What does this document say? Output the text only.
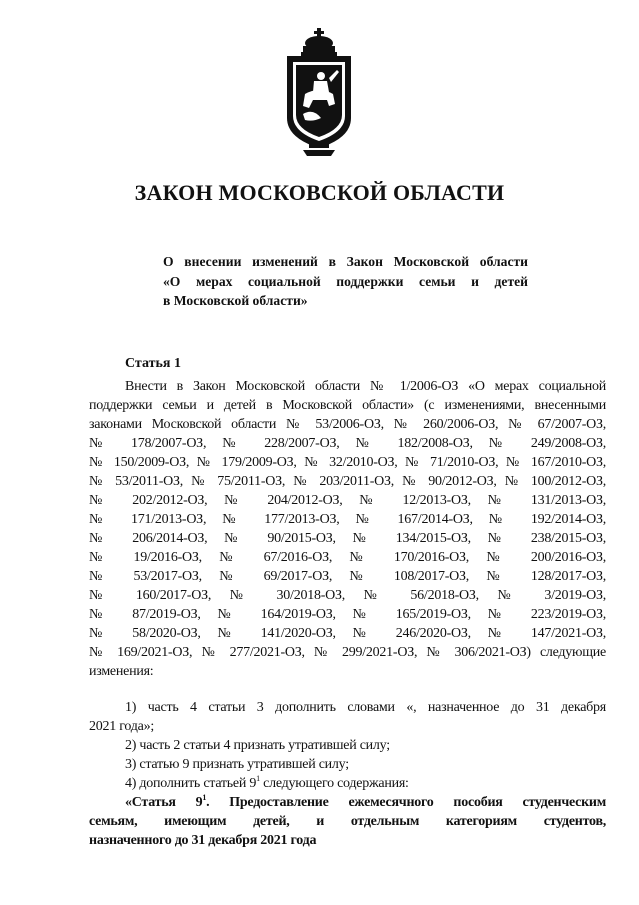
ЗАКОН МОСКОВСКОЙ ОБЛАСТИ
О внесении изменений в Закон Московской области
«О мерах социальной поддержки семьи и детей
в Московской области»
Статья 1
Внести в Закон Московской области № 1/2006-ОЗ «О мерах социальной
поддержки семьи и детей в Московской области» (с изменениями, внесенными
законами Московской области № 53/2006-ОЗ, № 260/2006-ОЗ, № 67/2007-ОЗ,
№ 178/2007-ОЗ, № 228/2007-ОЗ, № 182/2008-ОЗ, № 249/2008-ОЗ,
№ 150/2009-ОЗ, № 179/2009-ОЗ, № 32/2010-ОЗ, № 71/2010-ОЗ, № 167/2010-ОЗ,
№ 53/2011-ОЗ, № 75/2011-ОЗ, № 203/2011-ОЗ, № 90/2012-ОЗ, № 100/2012-ОЗ,
№ 202/2012-ОЗ, № 204/2012-ОЗ, № 12/2013-ОЗ, № 131/2013-ОЗ,
№ 171/2013-ОЗ, № 177/2013-ОЗ, № 167/2014-ОЗ, № 192/2014-ОЗ,
№ 206/2014-ОЗ, № 90/2015-ОЗ, № 134/2015-ОЗ, № 238/2015-ОЗ,
№ 19/2016-ОЗ, № 67/2016-ОЗ, № 170/2016-ОЗ, № 200/2016-ОЗ,
№ 53/2017-ОЗ, № 69/2017-ОЗ, № 108/2017-ОЗ, № 128/2017-ОЗ,
№ 160/2017-ОЗ, № 30/2018-ОЗ, № 56/2018-ОЗ, № 3/2019-ОЗ,
№ 87/2019-ОЗ, № 164/2019-ОЗ, № 165/2019-ОЗ, № 223/2019-ОЗ,
№ 58/2020-ОЗ, № 141/2020-ОЗ, № 246/2020-ОЗ, № 147/2021-ОЗ,
№ 169/2021-ОЗ, № 277/2021-ОЗ, № 299/2021-ОЗ, № 306/2021-ОЗ) следующие
изменения:
1) часть 4 статьи 3 дополнить словами «, назначенное до 31 декабря
2021 года»;
2) часть 2 статьи 4 признать утратившей силу;
3) статью 9 признать утратившей силу;
4) дополнить статьей $9^1$ следующего содержания:
«Статья $9^1$. Предоставление ежемесячного пособия студенческим
семьям, имеющим детей, и отдельным категориям студентов,
назначенного до 31 декабря 2021 года
